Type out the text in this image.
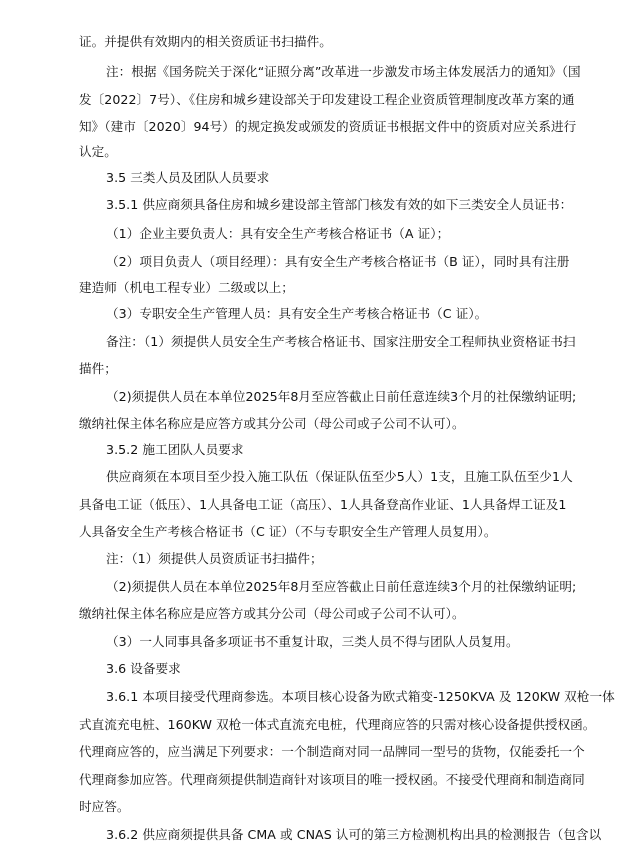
证。并提供有效期内的相关资质证书扫描件。
注：根据《国务院关于深化“证照分离”改革进一步激发市场主体发展活力的通知》（国
发〔2022〕7号）、《住房和城乡建设部关于印发建设工程企业资质管理制度改革方案的通
知》（建市〔2020〕94号）的规定换发或颁发的资质证书根据文件中的资质对应关系进行
认定。
3.5 三类人员及团队人员要求
3.5.1 供应商须具备住房和城乡建设部主管部门核发有效的如下三类安全人员证书：
（1）企业主要负责人：具有安全生产考核合格证书（A 证）；
（2）项目负责人（项目经理）：具有安全生产考核合格证书（B 证），同时具有注册
建造师（机电工程专业）二级或以上；
（3）专职安全生产管理人员：具有安全生产考核合格证书（C 证）。
备注：（1）须提供人员安全生产考核合格证书、国家注册安全工程师执业资格证书扫
描件；
（2)须提供人员在本单位2025年8月至应答截止日前任意连续3个月的社保缴纳证明;
缴纳社保主体名称应是应答方或其分公司（母公司或子公司不认可）。
3.5.2 施工团队人员要求
供应商须在本项目至少投入施工队伍（保证队伍至少5人）1支，且施工队伍至少1人
具备电工证（低压）、1人具备电工证（高压）、1人具备登高作业证、1人具备焊工证及1
人具备安全生产考核合格证书（C 证）（不与专职安全生产管理人员复用）。
注：（1）须提供人员资质证书扫描件；
（2)须提供人员在本单位2025年8月至应答截止日前任意连续3个月的社保缴纳证明;
缴纳社保主体名称应是应答方或其分公司（母公司或子公司不认可）。
（3）一人同事具备多项证书不重复计取，三类人员不得与团队人员复用。
3.6 设备要求
3.6.1 本项目接受代理商参选。本项目核心设备为欧式箱变-1250KVA 及 120KW 双枪一体
式直流充电桩、160KW 双枪一体式直流充电桩，代理商应答的只需对核心设备提供授权函。
代理商应答的，应当满足下列要求：一个制造商对同一品牌同一型号的货物，仅能委托一个
代理商参加应答。代理商须提供制造商针对该项目的唯一授权函。不接受代理商和制造商同
时应答。
3.6.2 供应商须提供具备 CMA 或 CNAS 认可的第三方检测机构出具的检测报告（包含以
